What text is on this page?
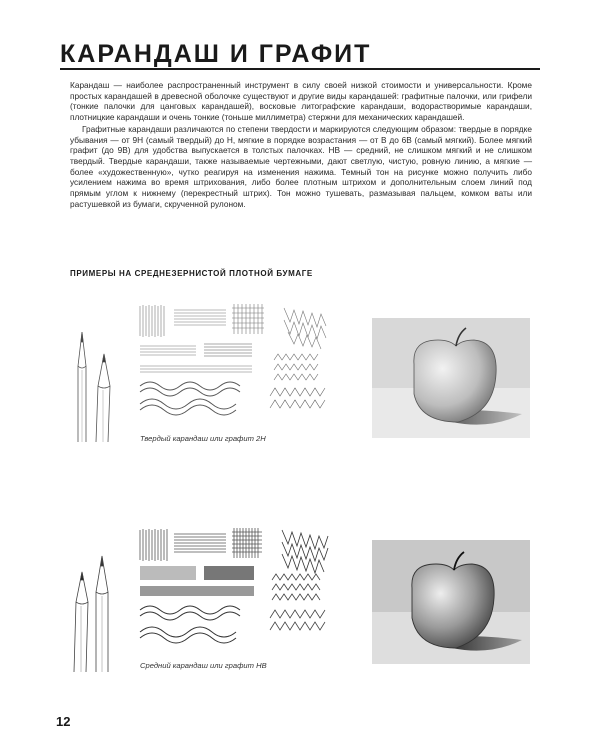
КАРАНДАШ И ГРАФИТ

Карандаш — наиболее распространенный инструмент в силу своей низкой стоимости и универсальности. Кроме простых карандашей в древесной оболочке существуют и другие виды карандашей: графитные палочки, или грифели (тонкие палочки для цанговых карандашей), восковые литографские карандаши, водорастворимые карандаши, плотницкие карандаши и очень тонкие (тоньше миллиметра) стержни для механических карандашей.

Графитные карандаши различаются по степени твердости и маркируются следующим образом: твердые в порядке убывания — от 9H (самый твердый) до H, мягкие в порядке возрастания — от B до 6B (самый мягкий). Более мягкий графит (до 9B) для удобства выпускается в толстых палочках. HB — средний, не слишком мягкий и не слишком твердый. Твердые карандаши, также называемые чертежными, дают светлую, чистую, ровную линию, а мягкие — более «художественную», чутко реагируя на изменения нажима. Темный тон на рисунке можно получить либо усилением нажима во время штрихования, либо более плотным штрихом и дополнительным слоем линий под прямым углом к нижнему (перекрестный штрих). Тон можно тушевать, размазывая пальцем, комком ваты или растушевкой из бумаги, скрученной рулоном.

ПРИМЕРЫ НА СРЕДНЕЗЕРНИСТОЙ ПЛОТНОЙ БУМАГЕ
Твердый карандаш или графит 2H
Средний карандаш или графит HB
12
